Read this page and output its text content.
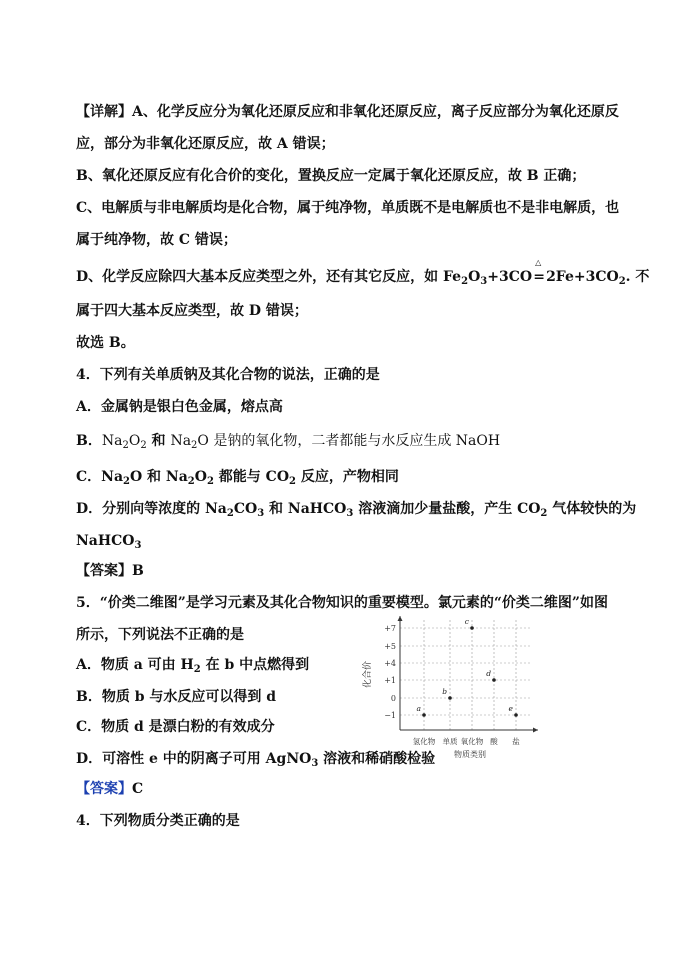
【详解】A、化学反应分为氧化还原反应和非氧化还原反应，离子反应部分为氧化还原反
应，部分为非氧化还原反应，故 A 错误；
B、氧化还原反应有化合价的变化，置换反应一定属于氧化还原反应，故 B 正确；
C、电解质与非电解质均是化合物，属于纯净物，单质既不是电解质也不是非电解质，也
属于纯净物，故 C 错误；
D、化学反应除四大基本反应类型之外，还有其它反应，如 $Fe_2O_3+3CO$
△
$=2Fe+3CO_2$. 不
属于四大基本反应类型，故 D 错误；
故选 B。
4．下列有关单质钠及其化合物的说法，正确的是
A．金属钠是银白色金属，熔点高
B．$Na_2O_2$ 和 $Na_2O$ 是钠的氧化物，二者都能与水反应生成 NaOH
C．$Na_2O$ 和 $Na_2O_2$ 都能与 $CO_2$ 反应，产物相同
D．分别向等浓度的 $Na_2CO_3$ 和 NaHCO$_3$ 溶液滴加少量盐酸，产生 $CO_2$ 气体较快的为
NaHCO$_3$
【答案】B
5．“价类二维图”是学习元素及其化合物知识的重要模型。氯元素的“价类二维图”如图
所示，下列说法不正确的是
A．物质 a 可由 $H_2$ 在 b 中点燃得到
B．物质 b 与水反应可以得到 d
C．物质 d 是漂白粉的有效成分
D．可溶性 e 中的阴离子可用 AgNO$_3$ 溶液和稀硝酸检验
【答案】C
4．下列物质分类正确的是
+7
+5
+4
+1
0
−1
氢化物 单质 氧化物 酸 盐
a
b
c
d
e
化合价
物质类别
